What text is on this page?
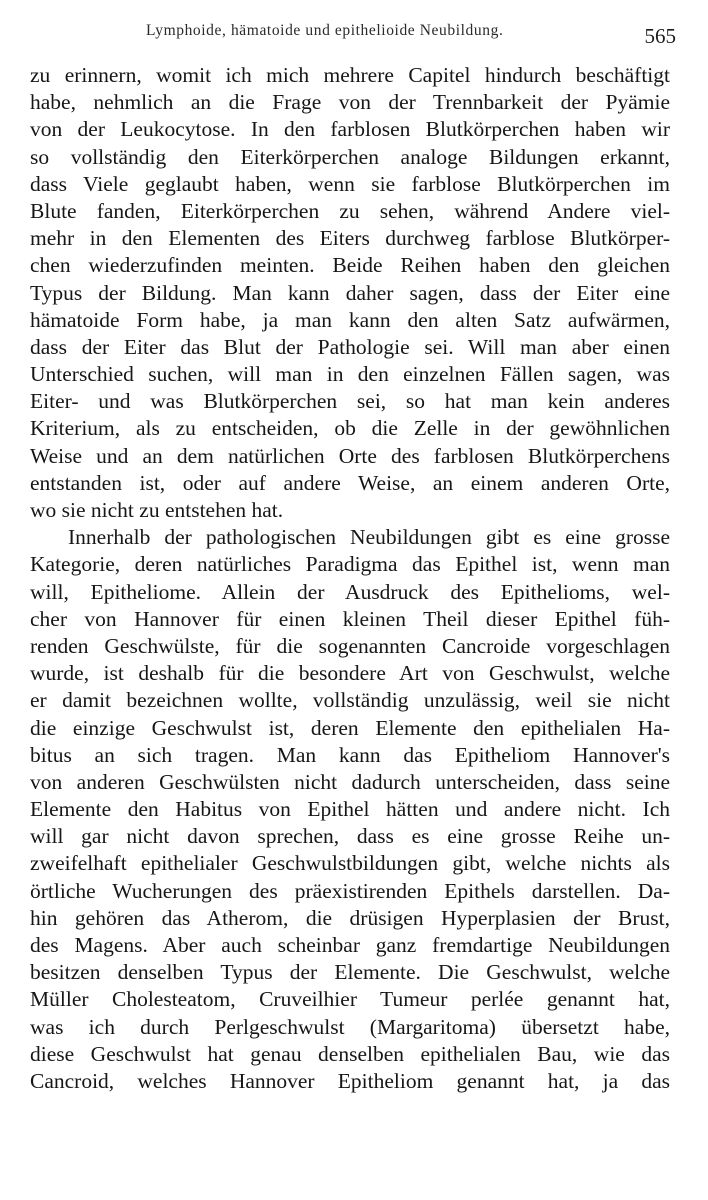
Lymphoide, hämatoide und epithelioide Neubildung.	565
zu erinnern, womit ich mich mehrere Capitel hindurch beschäftigt
habe, nehmlich an die Frage von der Trennbarkeit der Pyämie
von der Leukocytose. In den farblosen Blutkörperchen haben wir
so vollständig den Eiterkörperchen analoge Bildungen erkannt,
dass Viele geglaubt haben, wenn sie farblose Blutkörperchen im
Blute fanden, Eiterkörperchen zu sehen, während Andere viel-
mehr in den Elementen des Eiters durchweg farblose Blutkörper-
chen wiederzufinden meinten. Beide Reihen haben den gleichen
Typus der Bildung. Man kann daher sagen, dass der Eiter eine
hämatoide Form habe, ja man kann den alten Satz aufwärmen,
dass der Eiter das Blut der Pathologie sei. Will man aber einen
Unterschied suchen, will man in den einzelnen Fällen sagen, was
Eiter- und was Blutkörperchen sei, so hat man kein anderes
Kriterium, als zu entscheiden, ob die Zelle in der gewöhnlichen
Weise und an dem natürlichen Orte des farblosen Blutkörperchens
entstanden ist, oder auf andere Weise, an einem anderen Orte,
wo sie nicht zu entstehen hat.
Innerhalb der pathologischen Neubildungen gibt es eine grosse
Kategorie, deren natürliches Paradigma das Epithel ist, wenn man
will, Epitheliome. Allein der Ausdruck des Epithelioms, wel-
cher von Hannover für einen kleinen Theil dieser Epithel füh-
renden Geschwülste, für die sogenannten Cancroide vorgeschlagen
wurde, ist deshalb für die besondere Art von Geschwulst, welche
er damit bezeichnen wollte, vollständig unzulässig, weil sie nicht
die einzige Geschwulst ist, deren Elemente den epithelialen Ha-
bitus an sich tragen. Man kann das Epitheliom Hannover's
von anderen Geschwülsten nicht dadurch unterscheiden, dass seine
Elemente den Habitus von Epithel hätten und andere nicht. Ich
will gar nicht davon sprechen, dass es eine grosse Reihe un-
zweifelhaft epithelialer Geschwulstbildungen gibt, welche nichts als
örtliche Wucherungen des präexistirenden Epithels darstellen. Da-
hin gehören das Atherom, die drüsigen Hyperplasien der Brust,
des Magens. Aber auch scheinbar ganz fremdartige Neubildungen
besitzen denselben Typus der Elemente. Die Geschwulst, welche
Müller Cholesteatom, Cruveilhier Tumeur perlée genannt hat,
was ich durch Perlgeschwulst (Margaritoma) übersetzt habe,
diese Geschwulst hat genau denselben epithelialen Bau, wie das
Cancroid, welches Hannover Epitheliom genannt hat, ja das
